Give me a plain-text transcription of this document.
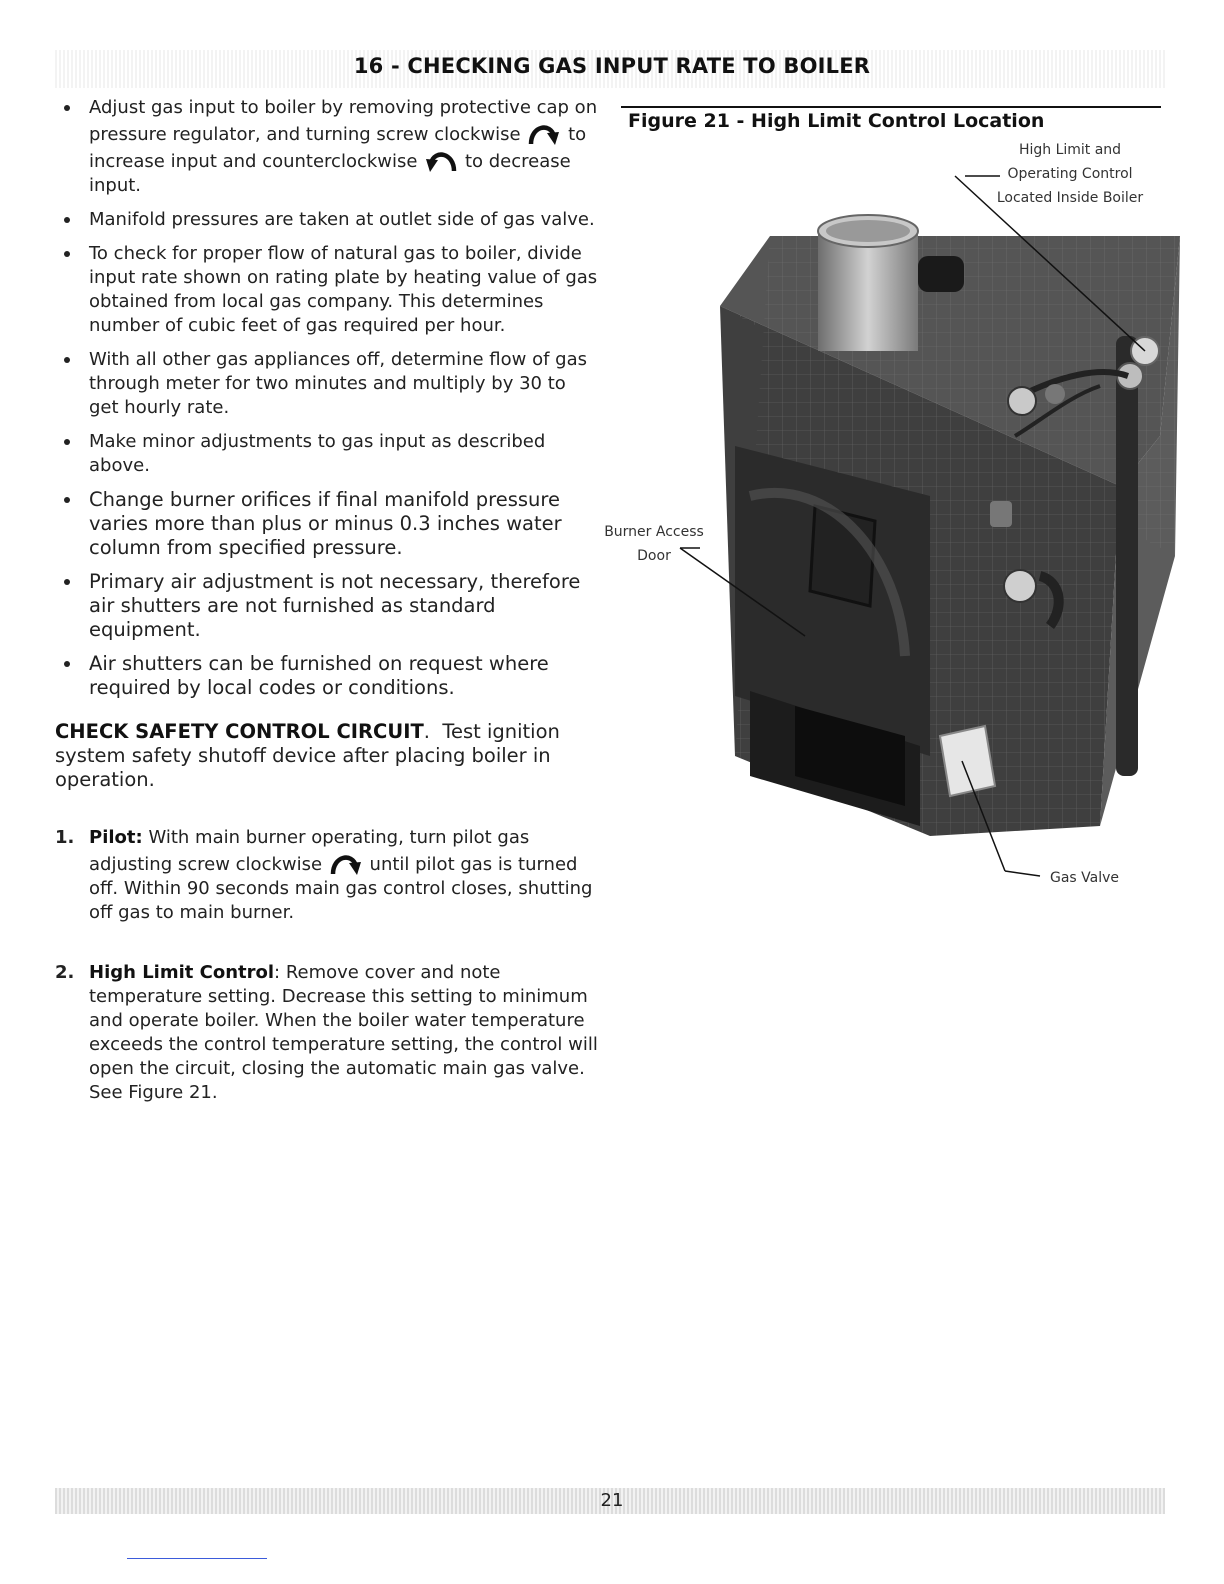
16 - CHECKING GAS INPUT RATE TO BOILER
Adjust gas input to boiler by removing protective cap on pressure regulator, and turning screw clockwise	to increase input and counterclockwise	to decrease input.
Manifold pressures are taken at outlet side of gas valve.
To check for proper flow of natural gas to boiler, divide input rate shown on rating plate by heating value of gas obtained from local gas company. This determines number of cubic feet of gas required per hour.
With all other gas appliances off, determine flow of gas through meter for two minutes and multiply by 30 to get hourly rate.
Make minor adjustments to gas input as described above.
Change burner orifices if final manifold pressure varies more than plus or minus 0.3 inches water column from specified pressure.
Primary air adjustment is not necessary, therefore air shutters are not furnished as standard equipment.
Air shutters can be furnished on request where required by local codes or conditions.

CHECK SAFETY CONTROL CIRCUIT.  Test ignition system safety shutoff device after placing boiler in operation.

1. Pilot: With main burner operating, turn pilot gas adjusting screw clockwise	until pilot gas is turned off. Within 90 seconds main gas control closes, shutting off gas to main burner.
2. High Limit Control: Remove cover and note temperature setting. Decrease this setting to minimum and operate boiler. When the boiler water temperature exceeds the control temperature setting, the control will open the circuit, closing the automatic main gas valve. See Figure 21.
Figure 21 - High Limit Control Location
High Limit and
Operating Control
Located Inside Boiler
Burner Access
Door
Gas Valve
21
